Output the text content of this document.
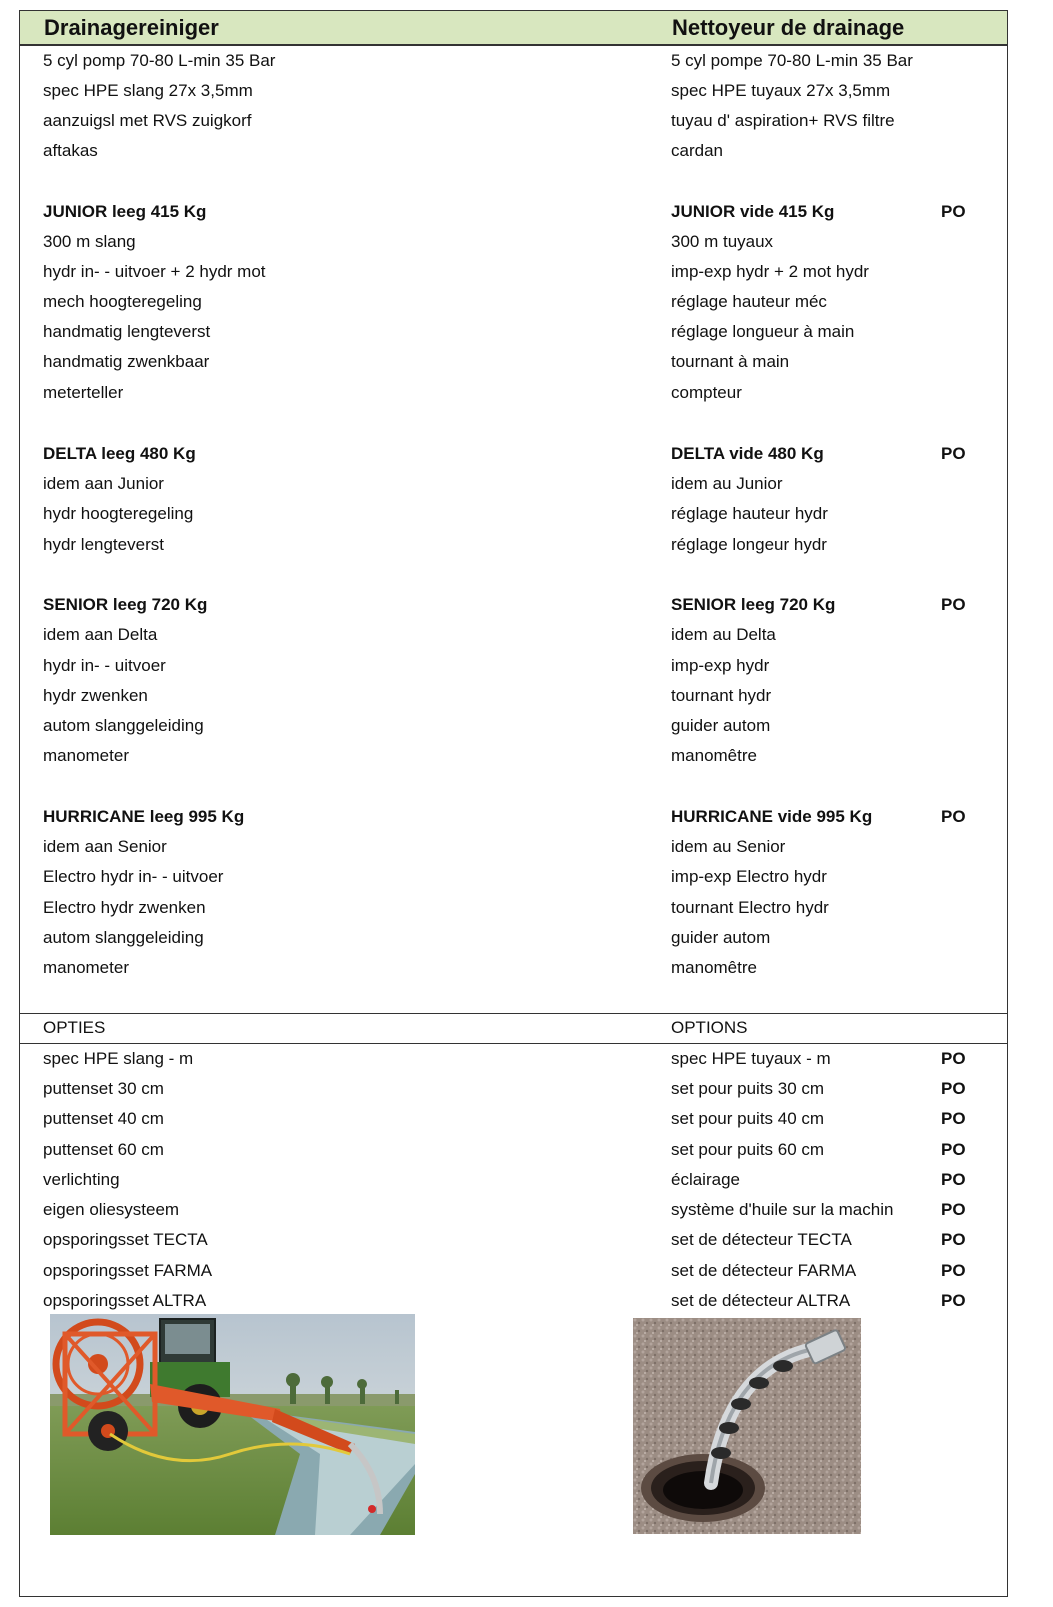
Drainagereiniger	Nettoyeur de drainage
5 cyl pomp 70-80 L-min 35 Bar	5 cyl pompe 70-80 L-min 35 Bar
spec HPE slang 27x 3,5mm	spec HPE tuyaux 27x 3,5mm
aanzuigsl met RVS zuigkorf	tuyau d' aspiration+ RVS filtre
aftakas	cardan
JUNIOR leeg 415 Kg	JUNIOR vide 415 Kg	PO
300 m slang	300 m tuyaux
hydr in- - uitvoer + 2 hydr mot	imp-exp hydr + 2 mot hydr
mech hoogteregeling	réglage hauteur méc
handmatig lengteverst	réglage longueur à main
handmatig zwenkbaar	tournant à main
meterteller	compteur
DELTA leeg 480 Kg	DELTA vide 480 Kg	PO
idem aan Junior	idem au Junior
hydr hoogteregeling	réglage hauteur hydr
hydr lengteverst	réglage longeur hydr
SENIOR leeg 720 Kg	SENIOR leeg 720 Kg	PO
idem aan Delta	idem au Delta
hydr in- - uitvoer	imp-exp hydr
hydr zwenken	tournant hydr
autom slanggeleiding	guider autom
manometer	manomêtre
HURRICANE leeg 995 Kg	HURRICANE vide 995 Kg	PO
idem aan Senior	idem au Senior
Electro hydr in- - uitvoer	imp-exp Electro hydr
Electro hydr zwenken	tournant Electro hydr
autom slanggeleiding	guider autom
manometer	manomêtre
OPTIES	OPTIONS
spec HPE slang - m	spec HPE tuyaux - m	PO
puttenset 30 cm	set pour puits 30 cm	PO
puttenset 40 cm	set pour puits 40 cm	PO
puttenset 60 cm	set pour puits 60 cm	PO
verlichting	éclairage	PO
eigen oliesysteem	système d'huile sur la machin	PO
opsporingsset TECTA	set de détecteur TECTA	PO
opsporingsset FARMA	set de détecteur FARMA	PO
opsporingsset ALTRA	set de détecteur ALTRA	PO
